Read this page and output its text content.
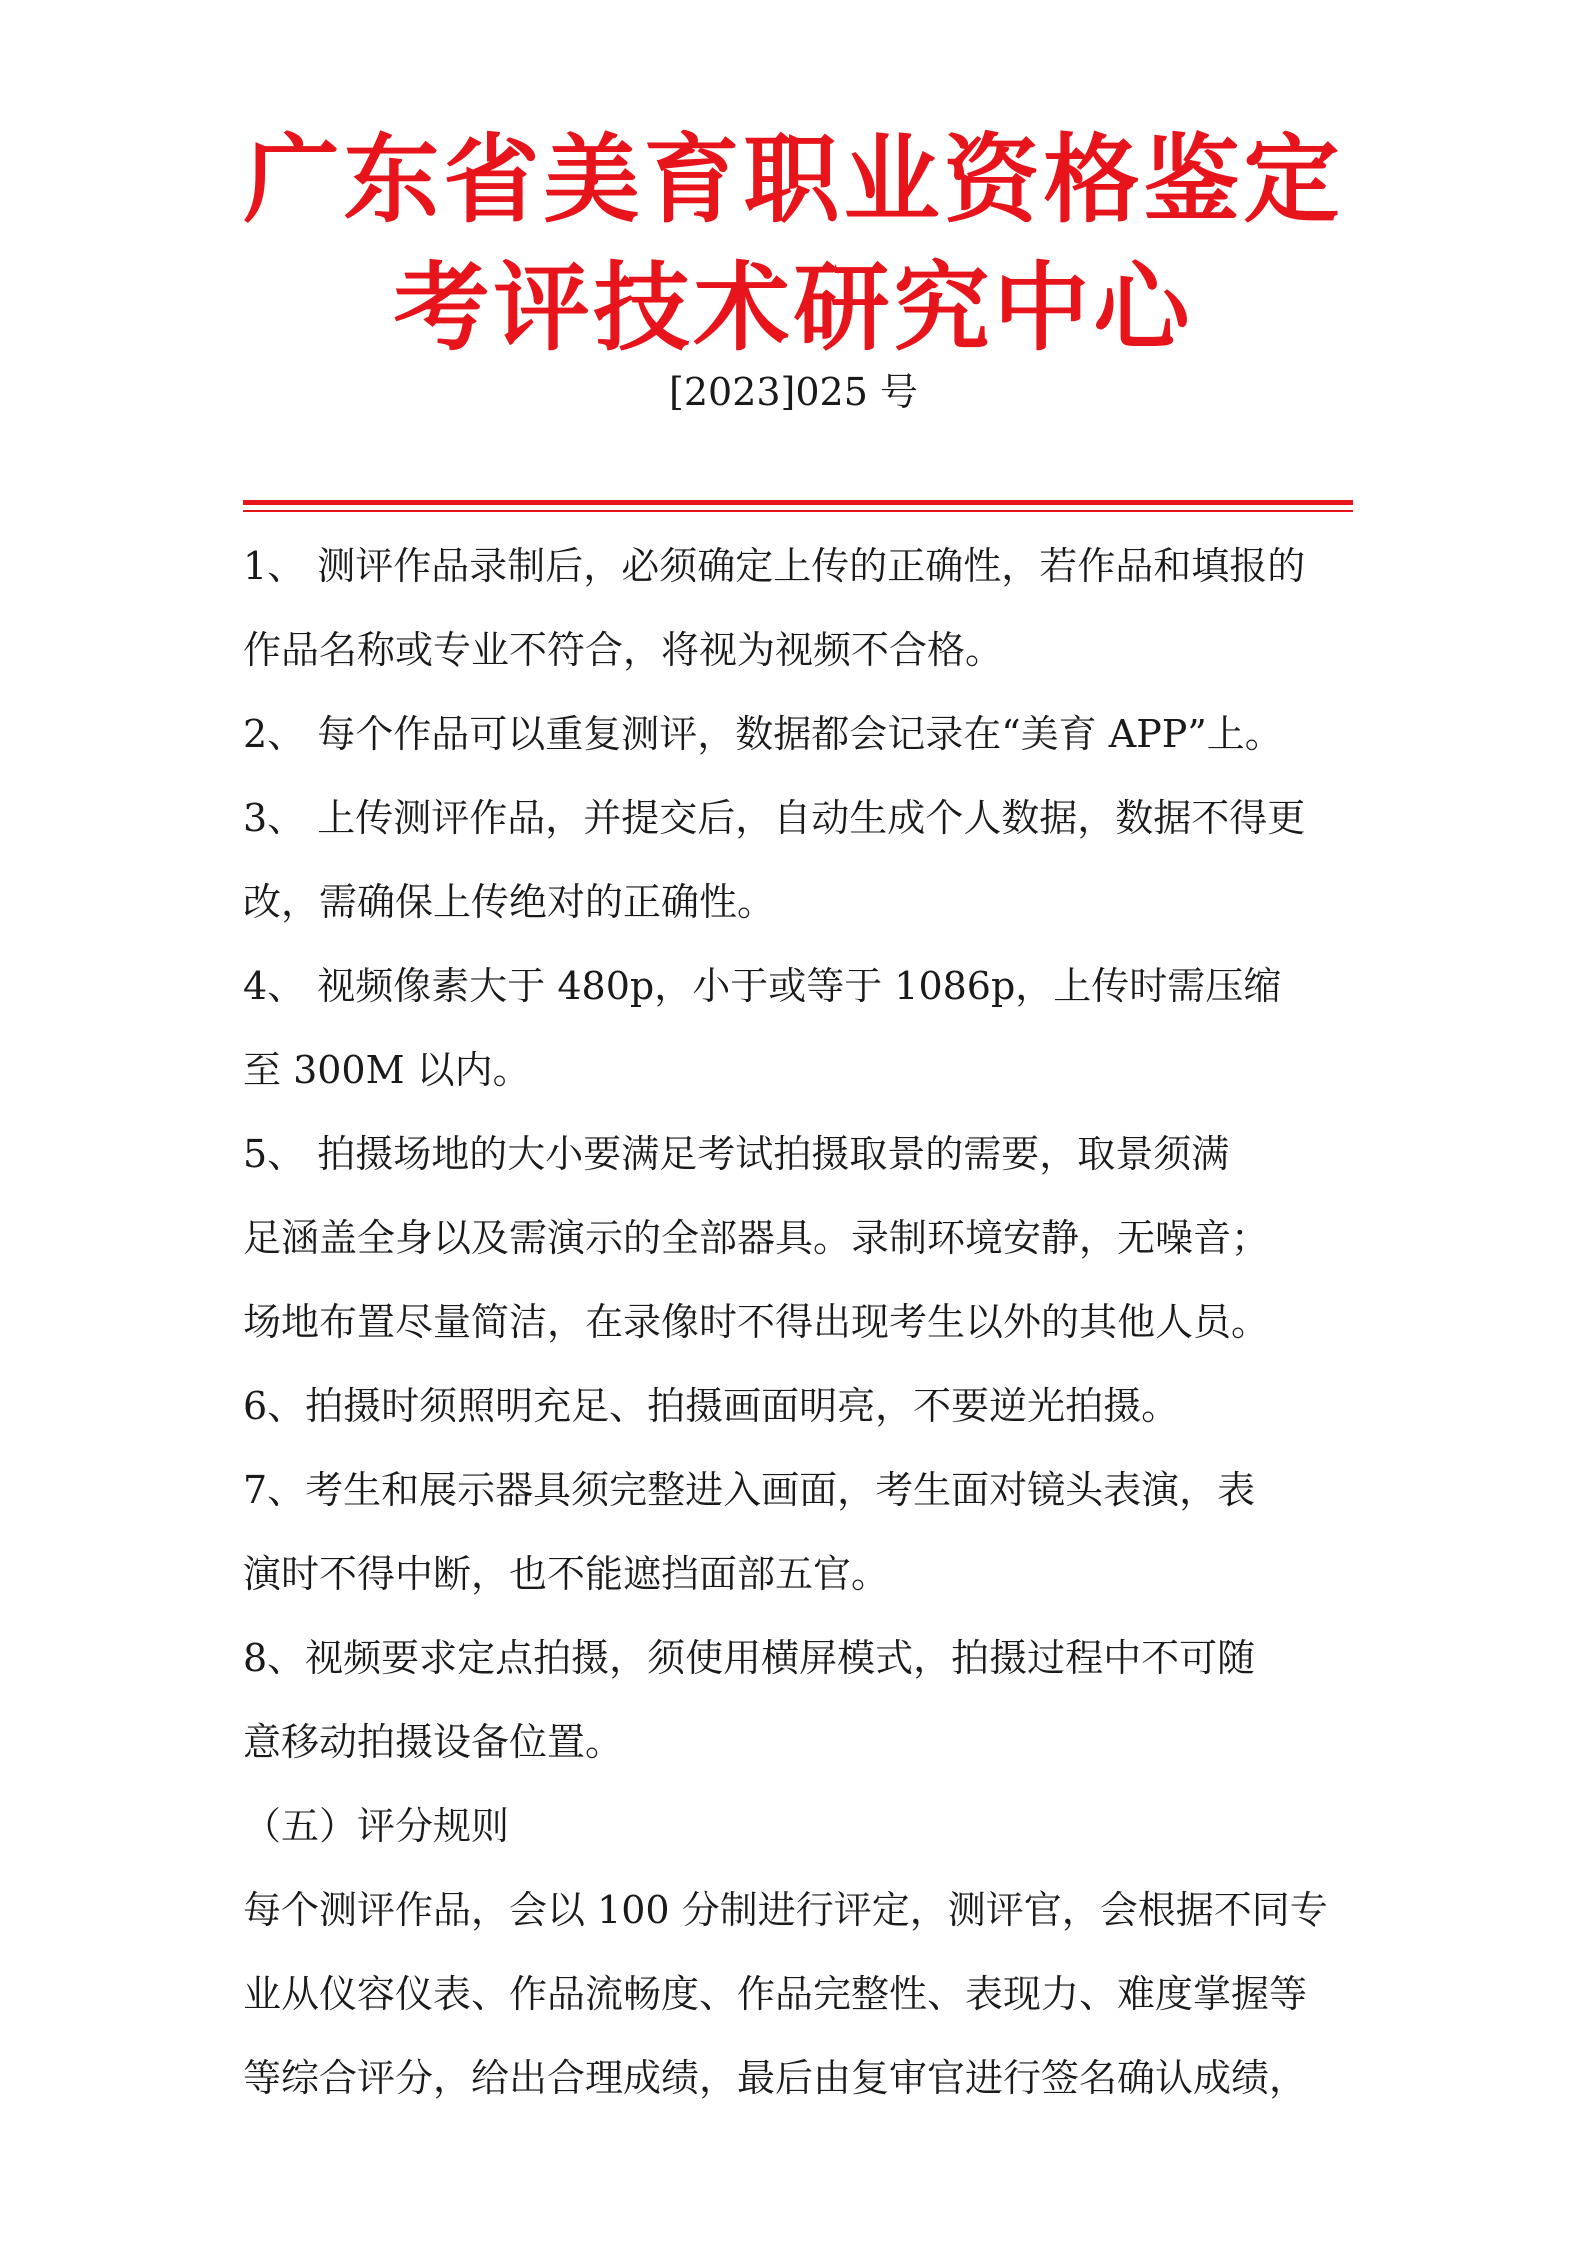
广东省美育职业资格鉴定
考评技术研究中心
[2023]025 号
1、 测评作品录制后，必须确定上传的正确性，若作品和填报的
作品名称或专业不符合，将视为视频不合格。
2、 每个作品可以重复测评，数据都会记录在“美育 APP”上。
3、 上传测评作品，并提交后，自动生成个人数据，数据不得更
改，需确保上传绝对的正确性。
4、 视频像素大于 480p，小于或等于 1086p，上传时需压缩
至 300M 以内。
5、 拍摄场地的大小要满足考试拍摄取景的需要，取景须满
足涵盖全身以及需演示的全部器具。录制环境安静，无噪音；
场地布置尽量简洁，在录像时不得出现考生以外的其他人员。
6、拍摄时须照明充足、拍摄画面明亮，不要逆光拍摄。
7、考生和展示器具须完整进入画面，考生面对镜头表演，表
演时不得中断，也不能遮挡面部五官。
8、视频要求定点拍摄，须使用横屏模式，拍摄过程中不可随
意移动拍摄设备位置。
（五）评分规则
每个测评作品，会以 100 分制进行评定，测评官，会根据不同专
业从仪容仪表、作品流畅度、作品完整性、表现力、难度掌握等
等综合评分，给出合理成绩，最后由复审官进行签名确认成绩，
